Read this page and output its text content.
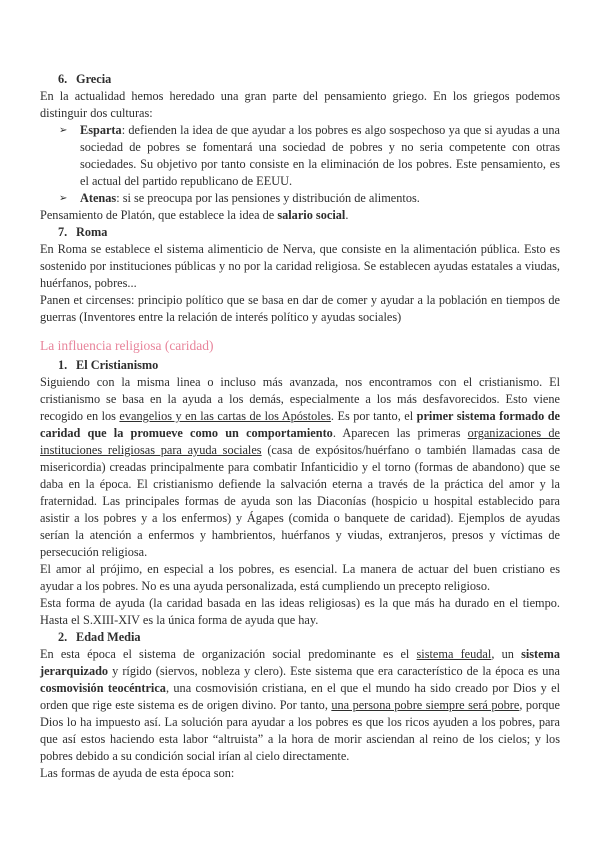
6. Grecia

En la actualidad hemos heredado una gran parte del pensamiento griego. En los griegos podemos distinguir dos culturas:

➢ Esparta: defienden la idea de que ayudar a los pobres es algo sospechoso ya que si ayudas a una sociedad de pobres se fomentará una sociedad de pobres y no seria competente con otras sociedades. Su objetivo por tanto consiste en la eliminación de los pobres. Este pensamiento, es el actual del partido republicano de EEUU.
➢ Atenas: si se preocupa por las pensiones y distribución de alimentos.

Pensamiento de Platón, que establece la idea de salario social.

7. Roma

En Roma se establece el sistema alimenticio de Nerva, que consiste en la alimentación pública. Esto es sostenido por instituciones públicas y no por la caridad religiosa. Se establecen ayudas estatales a viudas, huérfanos, pobres...

Panen et circenses: principio político que se basa en dar de comer y ayudar a la población en tiempos de guerras (Inventores entre la relación de interés político y ayudas sociales)

La influencia religiosa (caridad)

1. El Cristianismo

Siguiendo con la misma linea o incluso más avanzada, nos encontramos con el cristianismo. El cristianismo se basa en la ayuda a los demás, especialmente a los más desfavorecidos. Esto viene recogido en los evangelios y en las cartas de los Apóstoles. Es por tanto, el primer sistema formado de caridad que la promueve como un comportamiento. Aparecen las primeras organizaciones de instituciones religiosas para ayuda sociales (casa de expósitos/huérfano o también llamadas casa de misericordia) creadas principalmente para combatir Infanticidio y el torno (formas de abandono) que se daba en la época. El cristianismo defiende la salvación eterna a través de la práctica del amor y la fraternidad. Las principales formas de ayuda son las Diaconías (hospicio u hospital establecido para asistir a los pobres y a los enfermos) y Ágapes (comida o banquete de caridad). Ejemplos de ayudas serían la atención a enfermos y hambrientos, huérfanos y viudas, extranjeros, presos y víctimas de persecución religiosa.

El amor al prójimo, en especial a los pobres, es esencial. La manera de actuar del buen cristiano es ayudar a los pobres. No es una ayuda personalizada, está cumpliendo un precepto religioso.

Esta forma de ayuda (la caridad basada en las ideas religiosas) es la que más ha durado en el tiempo. Hasta el S.XIII-XIV es la única forma de ayuda que hay.

2. Edad Media

En esta época el sistema de organización social predominante es el sistema feudal, un sistema jerarquizado y rígido (siervos, nobleza y clero). Este sistema que era característico de la época es una cosmovisión teocéntrica, una cosmovisión cristiana, en el que el mundo ha sido creado por Dios y el orden que rige este sistema es de origen divino. Por tanto, una persona pobre siempre será pobre, porque Dios lo ha impuesto así. La solución para ayudar a los pobres es que los ricos ayuden a los pobres, para que así estos haciendo esta labor “altruista” a la hora de morir asciendan al reino de los cielos; y los pobres debido a su condición social irían al cielo directamente.

Las formas de ayuda de esta época son:
